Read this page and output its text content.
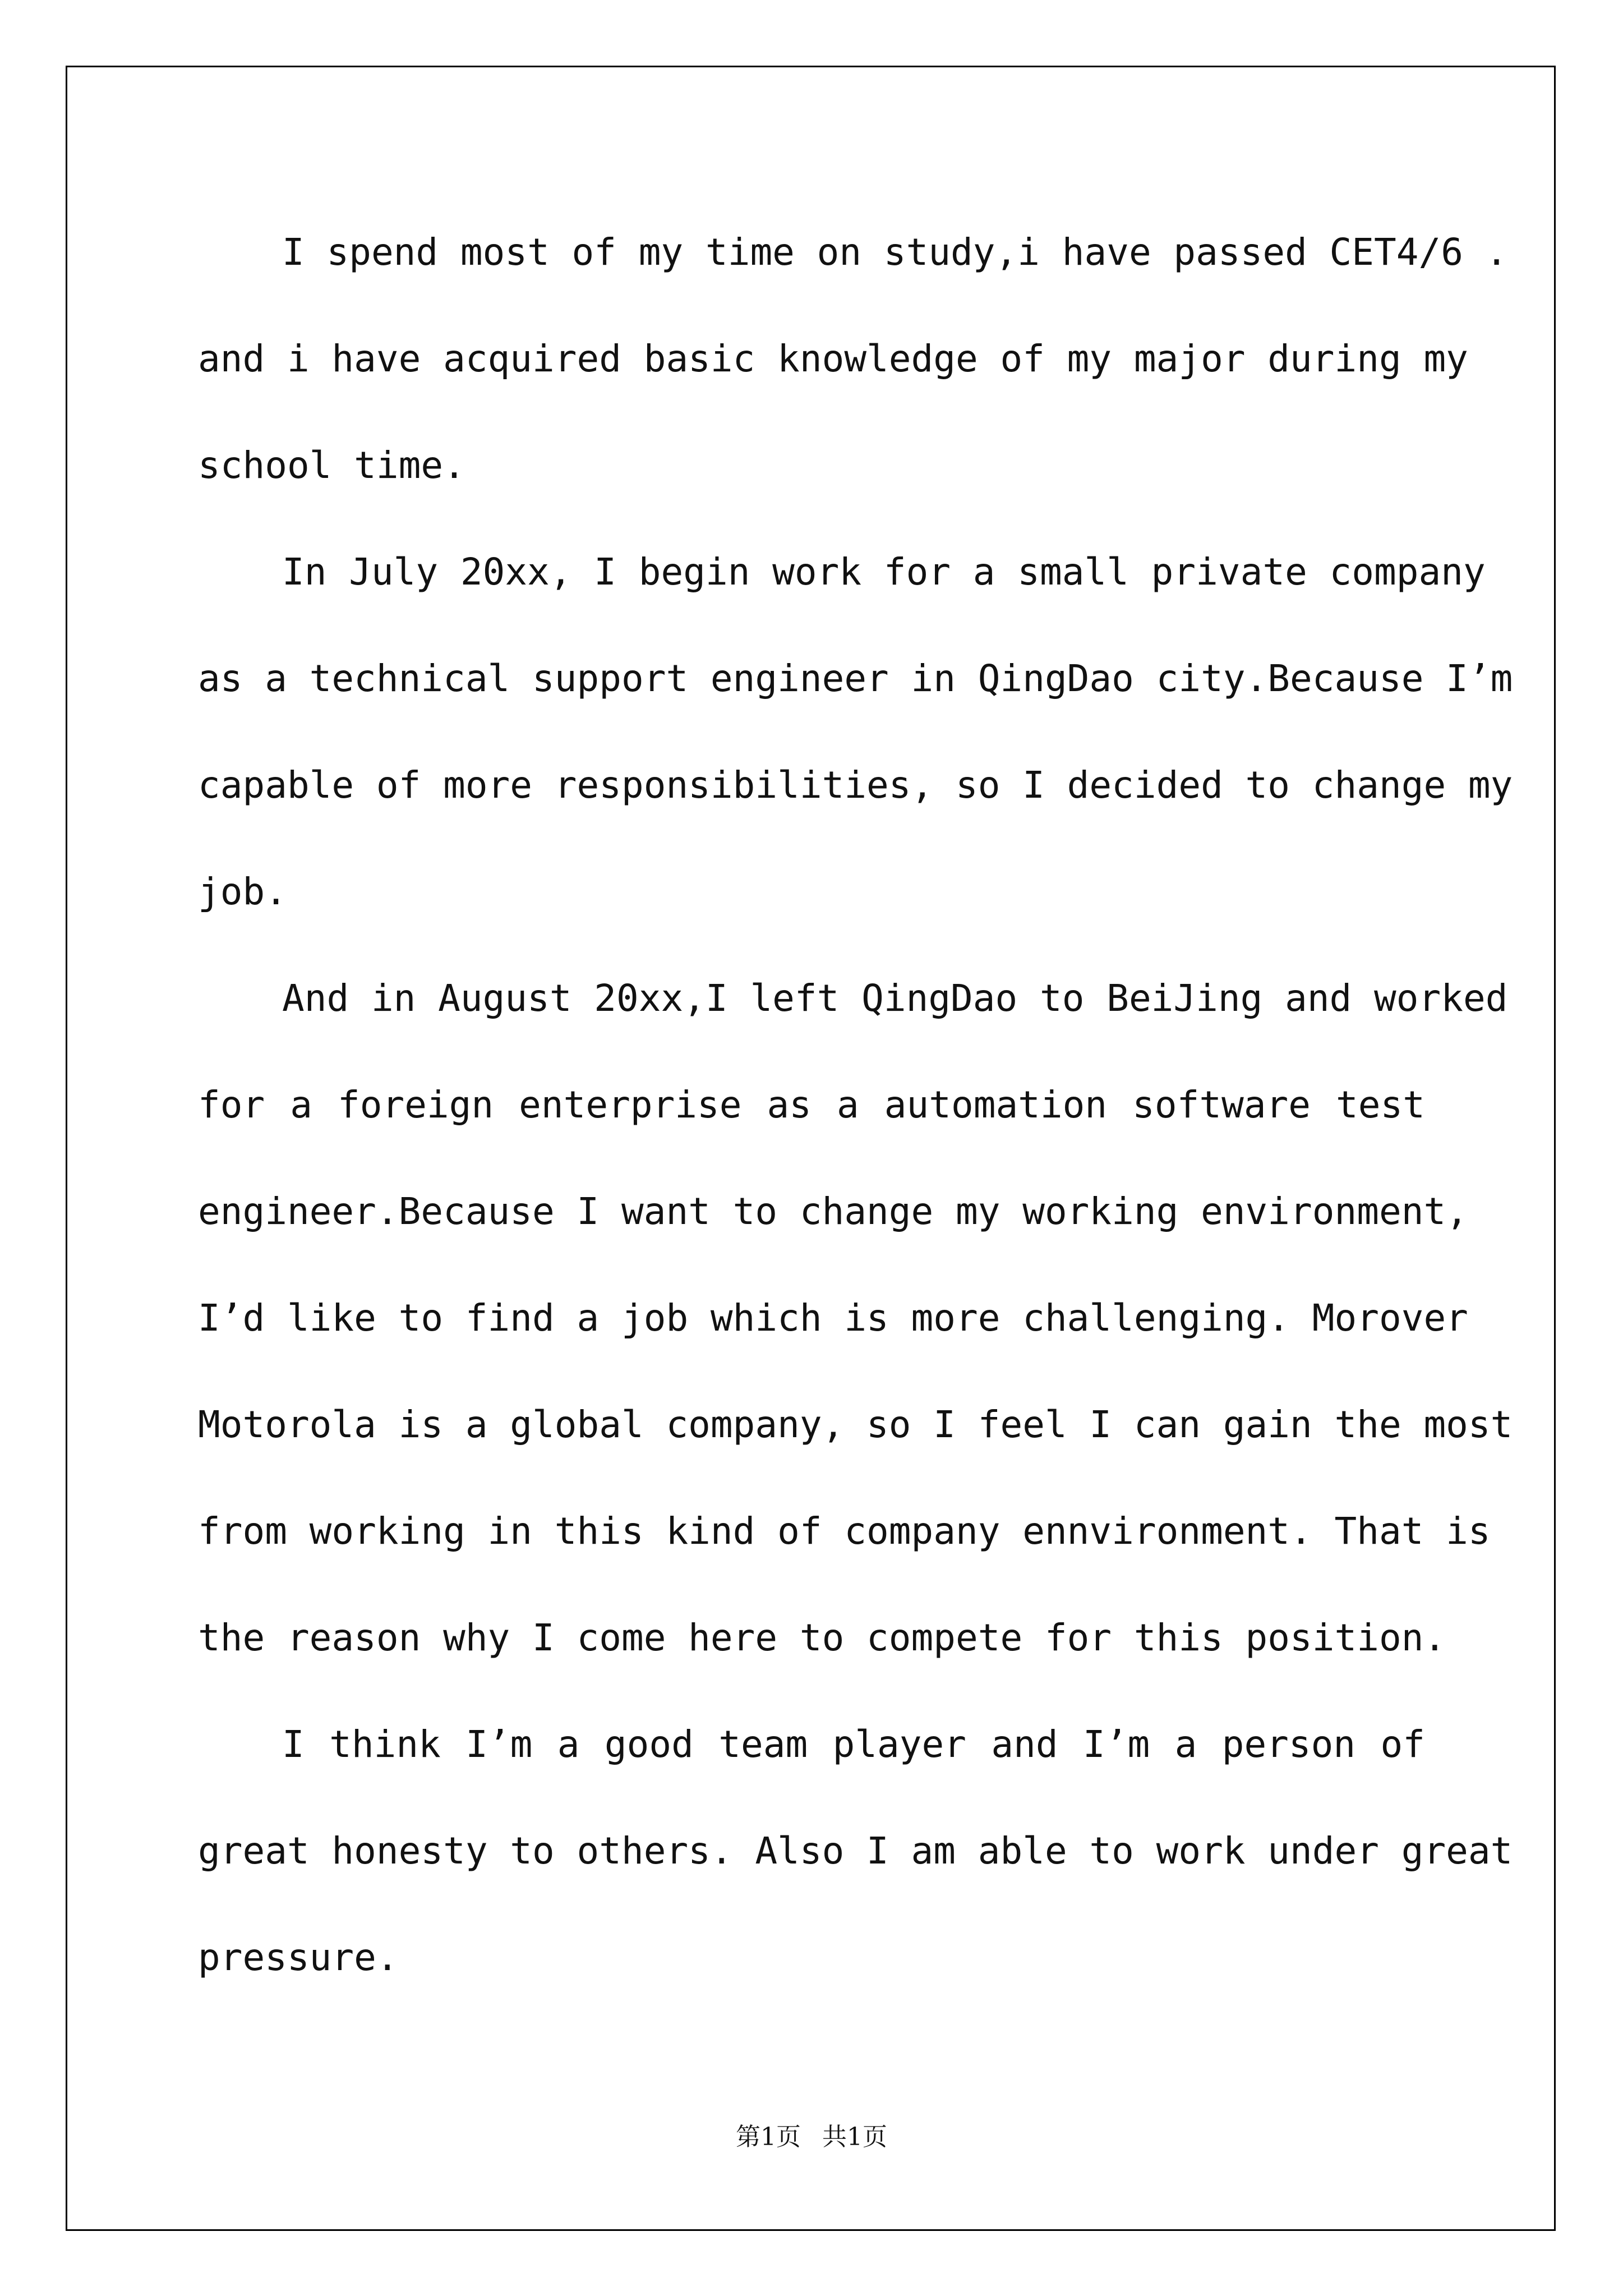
I spend most of my time on study,i have passed CET4/6 .
and i have acquired basic knowledge of my major during my
school time.
In July 20xx, I begin work for a small private company
as a technical support engineer in QingDao city.Because I’m
capable of more responsibilities, so I decided to change my
job.
And in August 20xx,I left QingDao to BeiJing and worked
for a foreign enterprise as a automation software test
engineer.Because I want to change my working environment,
I’d like to find a job which is more challenging. Morover
Motorola is a global company, so I feel I can gain the most
from working in this kind of company ennvironment. That is
the reason why I come here to compete for this position.
I think I’m a good team player and I’m a person of
great honesty to others. Also I am able to work under great
pressure.
第1页 共1页
